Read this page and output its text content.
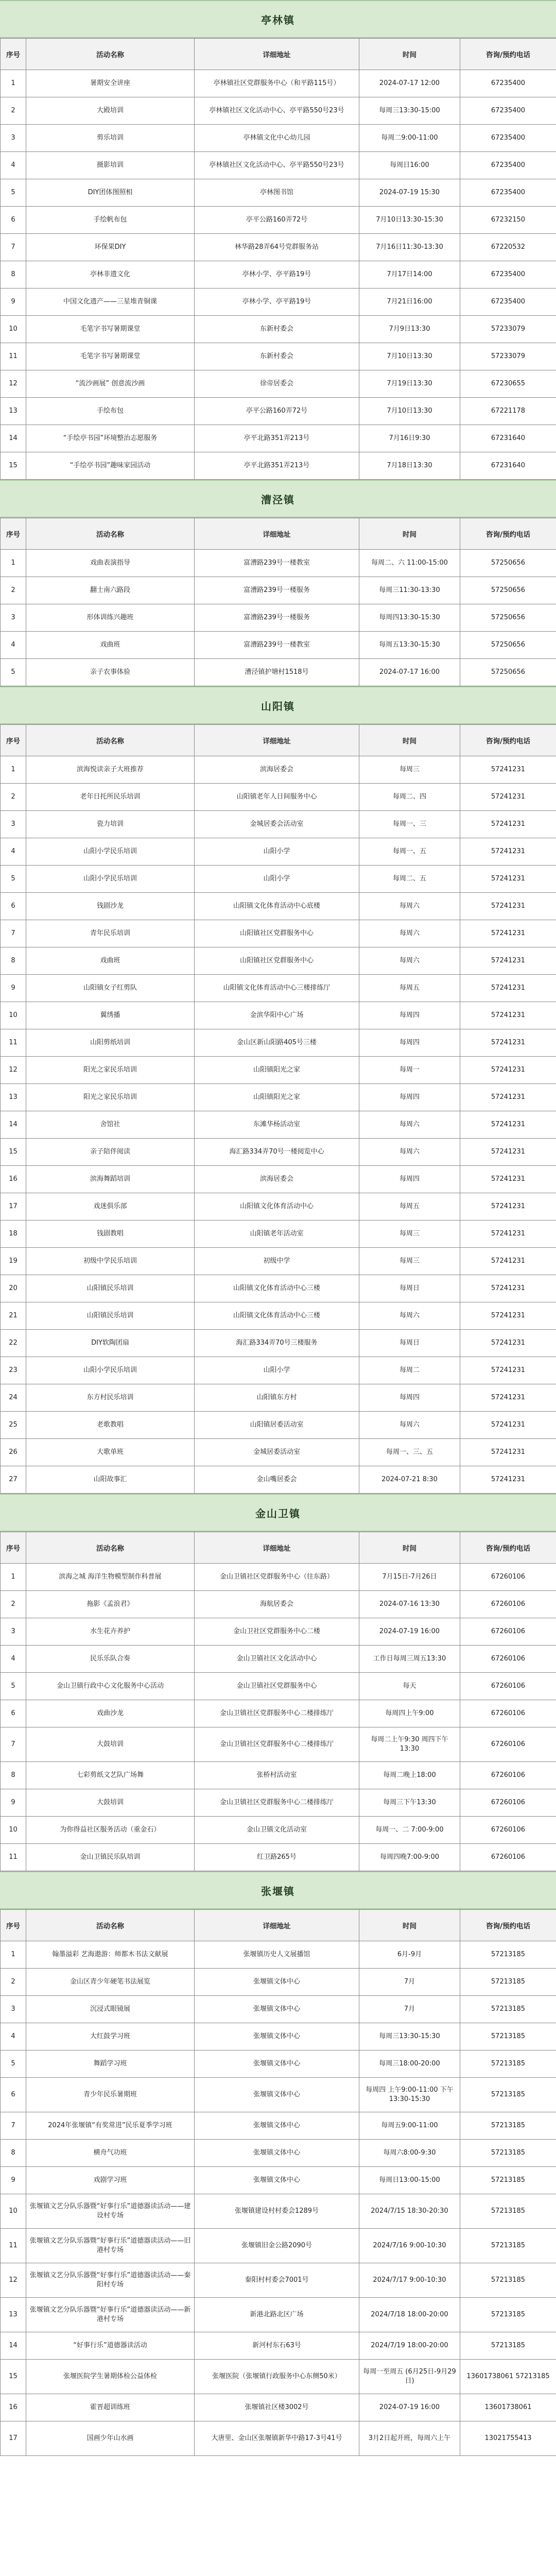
亭林镇
序号	活动名称	详细地址	时间	咨询/预约电话
1	暑期安全讲座	亭林镇社区党群服务中心（和平路115号）	2024-07-17 12:00	67235400
2	大殿培训	亭林镇社区文化活动中心、亭平路550号23号	每周三13:30-15:00	67235400
3	剪乐培训	亭林镇文化中心幼儿园	每周二9:00-11:00	67235400
4	摄影培训	亭林镇社区文化活动中心、亭平路550号23号	每周日16:00	67235400
5	DIY团体图照相	亭林图书馆	2024-07-19 15:30	67235400
6	手绘帆布包	亭平公路160弄72号	7月10日13:30-15:30	67232150
7	环保果DIY	林华路28弄64号党群服务站	7月16日11:30-13:30	67220532
8	亭林非遗文化	亭林小学、亭平路19号	7月17日14:00	67235400
9	中国文化遗产——三星堆青铜课	亭林小学、亭平路19号	7月21日16:00	67235400
10	毛笔字书写暑期课堂	东新村委会	7月9日13:30	57233079
11	毛笔字书写暑期课堂	东新村委会	7月10日13:30	57233079
12	“流沙画展” 创意流沙画	徐帝居委会	7月19日13:30	67230655
13	手绘布包	亭平公路160弄72号	7月10日13:30	67221178
14	“手绘亭书园”环境整治志愿服务	亭平北路351弄213号	7月16日9:30	67231640
15	“手绘亭书园”趣味家园活动	亭平北路351弄213号	7月18日13:30	67231640
漕泾镇
序号	活动名称	详细地址	时间	咨询/预约电话
1	戏曲表演指导	富漕路239号一楼教室	每周二、六 11:00-15:00	57250656
2	翻士南六路段	富漕路239号一楼服务	每周三11:30-13:30	57250656
3	形体训练兴趣班	富漕路239号一楼服务	每周四13:30-15:30	57250656
4	戏曲班	富漕路239号一楼教室	每周五13:30-15:30	57250656
5	亲子农事体验	漕泾镇护塘村1518号	2024-07-17 16:00	57250656
山阳镇
序号	活动名称	详细地址	时间	咨询/预约电话
1	滨海悦读亲子大班推荐	滨海居委会	每周三	57241231
2	老年日托所民乐培训	山阳镇老年人日间服务中心	每周二、四	57241231
3	瓷力培训	金城居委会活动室	每周一、三	57241231
4	山阳小学民乐培训	山阳小学	每周一、五	57241231
5	山阳小学民乐培训	山阳小学	每周二、五	57241231
6	钱剧沙龙	山阳镇文化体育活动中心底楼	每周六	57241231
7	青年民乐培训	山阳镇社区党群服务中心	每周六	57241231
8	戏曲班	山阳镇社区党群服务中心	每周六	57241231
9	山阳镇女子红剪队	山阳镇文化体育活动中心三楼排练厅	每周五	57241231
10	翼绣播	金滨华阳中心广场	每周四	57241231
11	山阳剪纸培训	金山区新山阳路405号三楼	每周四	57241231
12	阳光之家民乐培训	山阳镇阳光之家	每周一	57241231
13	阳光之家民乐培训	山阳镇阳光之家	每周四	57241231
14	舍馆社	东滩华杨活动室	每周六	57241231
15	亲子陪伴阅读	海汇路334弄70号一楼阅览中心	每周六	57241231
16	滨海舞蹈培训	滨海居委会	每周四	57241231
17	戏迷俱乐部	山阳镇文化体育活动中心	每周五	57241231
18	钱剧教唱	山阳镇老年活动室	每周三	57241231
19	初级中学民乐培训	初级中学	每周三	57241231
20	山阳镇民乐培训	山阳镇文化体育活动中心三楼	每周日	57241231
21	山阳镇民乐培训	山阳镇文化体育活动中心三楼	每周六	57241231
22	DIY软陶团扇	海汇路334弄70号三楼服务	每周日	57241231
23	山阳小学民乐培训	山阳小学	每周二	57241231
24	东方村民乐培训	山阳镇东方村	每周四	57241231
25	老歌教唱	山阳镇居委活动室	每周六	57241231
26	大歌单班	金城居委活动室	每周一、三、五	57241231
27	山阳故事汇	金山嘴居委会	2024-07-21 8:30	57241231
金山卫镇
序号	活动名称	详细地址	时间	咨询/预约电话
1	滨海之城 海洋生物模型制作科普展	金山卫镇社区党群服务中心（往东路）	7月15日-7月26日	67260106
2	拖影《孟浪君》	海航居委会	2024-07-16 13:30	67260106
3	水生花卉养护	金山卫社区党群服务中心二楼	2024-07-19 16:00	67260106
4	民乐乐队合奏	金山卫镇社区文化活动中心	工作日每周三周五13:30	67260106
5	金山卫镇行政中心文化服务中心活动	金山卫镇社区党群服务中心	每天	67260106
6	戏曲沙龙	金山卫镇社区党群服务中心二楼排练厅	每周四上午9:00	67260106
7	大鼓培训	金山卫镇社区党群服务中心二楼排练厅	每周二上午9:30 周四下午13:30	67260106
8	七彩剪纸文艺队广场舞	张桥村活动室	每周二晚上18:00	67260106
9	大鼓培训	金山卫镇社区党群服务中心二楼排练厅	每周三下午13:30	67260106
10	为你得益社区服务活动（重金石）	金山卫镇文化活动室	每周一、二 7:00-9:00	67260106
11	金山卫镇民乐队培训	红卫路265号	每周四晚7:00-9:00	67260106
张堰镇
序号	活动名称	详细地址	时间	咨询/预约电话
1	翰墨溢彩 艺海遨游：师都木书法文献展	张堰镇历史人文展播馆	6月-9月	57213185
2	金山区青少年硬笔书法展览	张堰镇文体中心	7月	57213185
3	沉浸式眼镜展	张堰镇文体中心	7月	57213185
4	大红鼓学习班	张堰镇文体中心	每周三13:30-15:30	57213185
5	舞蹈学习班	张堰镇文体中心	每周三18:00-20:00	57213185
6	青少年民乐暑期班	张堰镇文体中心	每周四 上午9:00-11:00 下午13:30-15:30	57213185
7	2024年张堰镇“有奖常进”民乐夏季学习班	张堰镇文体中心	每周五9:00-11:00	57213185
8	横舟气功班	张堰镇文体中心	每周六8:00-9:30	57213185
9	戏剧学习班	张堰镇文体中心	每周日13:00-15:00	57213185
10	张堰镇文艺分队乐器暨“好事行乐”道德器读活动——建设村专场	张堰镇建设村村委会1289号	2024/7/15 18:30-20:30	57213185
11	张堰镇文艺分队乐器暨“好事行乐”道德器读活动——旧港村专场	张堰镇旧金公路2090号	2024/7/16 9:00-10:30	57213185
12	张堰镇文艺分队乐器暨“好事行乐”道德器读活动——秦阳村专场	秦阳村村委会7001号	2024/7/17 9:00-10:30	57213185
13	张堰镇文艺分队乐器暨“好事行乐”道德器读活动——新港村专场	新港北路北区广场	2024/7/18 18:00-20:00	57213185
14	“好事行乐”道德器读活动	新河村东石63号	2024/7/19 18:00-20:00	57213185
15	张堰医院学生暑期体检公益体检	张堰医院（张堰镇行政服务中心东侧50米）	每周一至周五 (6月25日-9月29日)	13601738061 57213185
16	霍晋超训练班	张堰镇社区楼3002号	2024-07-19 16:00	13601738061
17	国画少年山水画	大唐里、金山区张堰镇新华中路17-3号41号	3月2日起开班，每周六上午	13021755413
